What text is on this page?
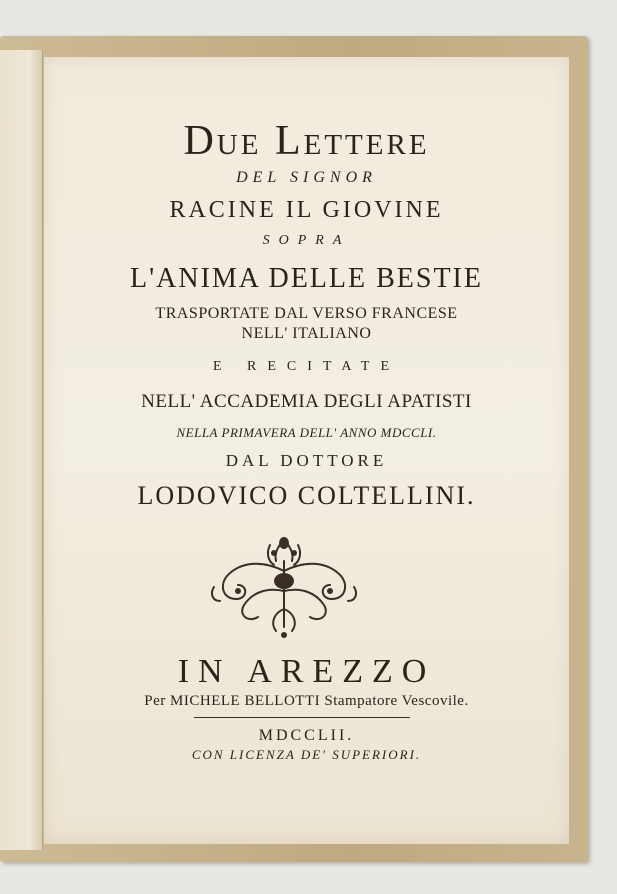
Due Lettere
DEL SIGNOR
RACINE IL GIOVINE
SOPRA
L'ANIMA DELLE BESTIE
TRASPORTATE DAL VERSO FRANCESE
NELL' ITALIANO
E RECITATE
NELL' ACCADEMIA DEGLI APATISTI
NELLA PRIMAVERA DELL' ANNO MDCCLI.
DAL DOTTORE
LODOVICO COLTELLINI.
IN AREZZO
Per MICHELE BELLOTTI Stampatore Vescovile.
MDCCLII.
CON LICENZA DE' SUPERIORI.
